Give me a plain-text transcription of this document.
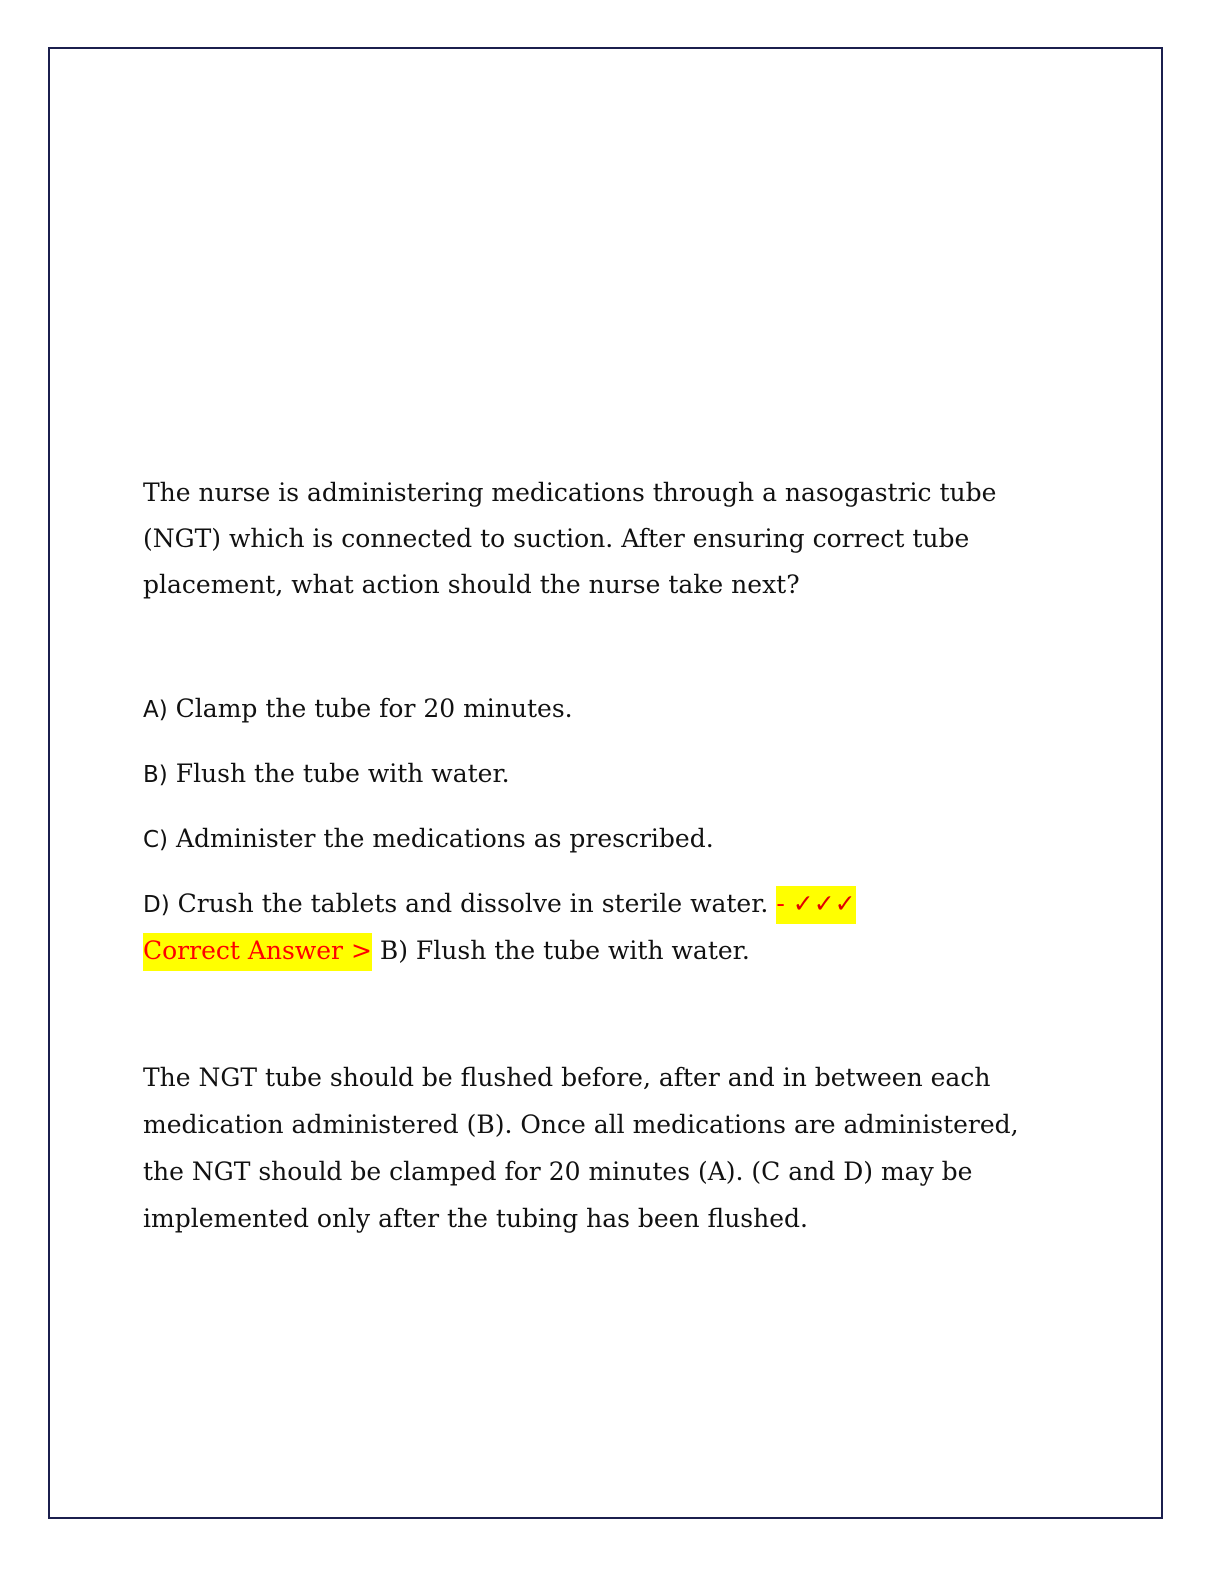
The nurse is administering medications through a nasogastric tube (NGT) which is connected to suction. After ensuring correct tube placement, what action should the nurse take next?

A) Clamp the tube for 20 minutes.
B) Flush the tube with water.
C) Administer the medications as prescribed.
D) Crush the tablets and dissolve in sterile water. - ✓✓✓ Correct Answer > B) Flush the tube with water.

The NGT tube should be flushed before, after and in between each medication administered (B). Once all medications are administered, the NGT should be clamped for 20 minutes (A). (C and D) may be implemented only after the tubing has been flushed.
